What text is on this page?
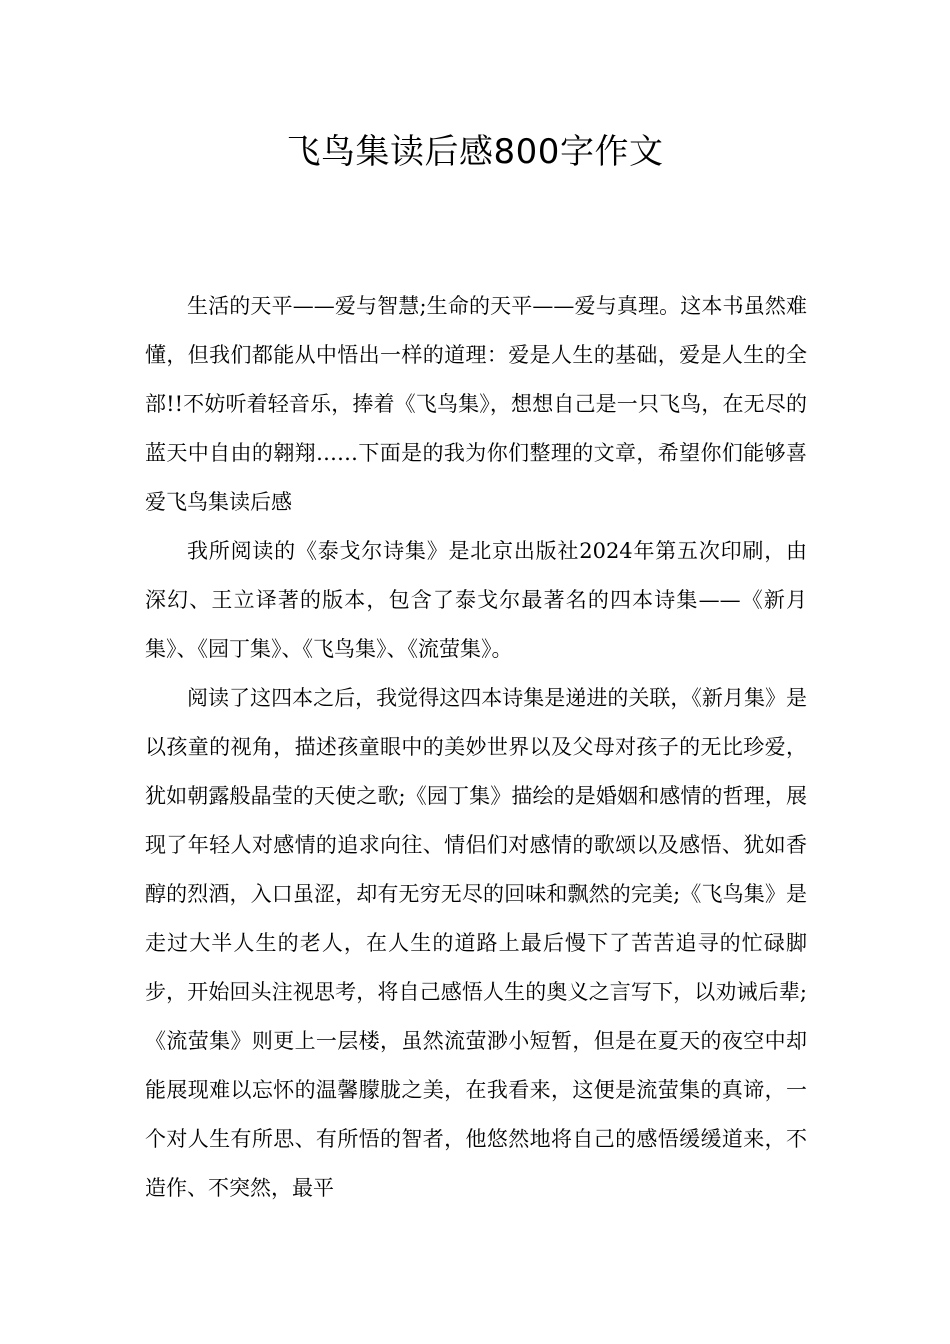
飞鸟集读后感800字作文

生活的天平——爱与智慧;生命的天平——爱与真理。这本书虽然难懂，但我们都能从中悟出一样的道理：爱是人生的基础，爱是人生的全部!!不妨听着轻音乐，捧着《飞鸟集》，想想自己是一只飞鸟，在无尽的蓝天中自由的翱翔……下面是的我为你们整理的文章，希望你们能够喜爱飞鸟集读后感

我所阅读的《泰戈尔诗集》是北京出版社2024年第五次印刷，由深幻、王立译著的版本，包含了泰戈尔最著名的四本诗集——《新月集》、《园丁集》、《飞鸟集》、《流萤集》。

阅读了这四本之后，我觉得这四本诗集是递进的关联，《新月集》是以孩童的视角，描述孩童眼中的美妙世界以及父母对孩子的无比珍爱，犹如朝露般晶莹的天使之歌;《园丁集》描绘的是婚姻和感情的哲理，展现了年轻人对感情的追求向往、情侣们对感情的歌颂以及感悟、犹如香醇的烈酒，入口虽涩，却有无穷无尽的回味和飘然的完美;《飞鸟集》是走过大半人生的老人，在人生的道路上最后慢下了苦苦追寻的忙碌脚步，开始回头注视思考，将自己感悟人生的奥义之言写下，以劝诫后辈;《流萤集》则更上一层楼，虽然流萤渺小短暂，但是在夏天的夜空中却能展现难以忘怀的温馨朦胧之美，在我看来，这便是流萤集的真谛，一个对人生有所思、有所悟的智者，他悠然地将自己的感悟缓缓道来，不造作、不突然，最平
